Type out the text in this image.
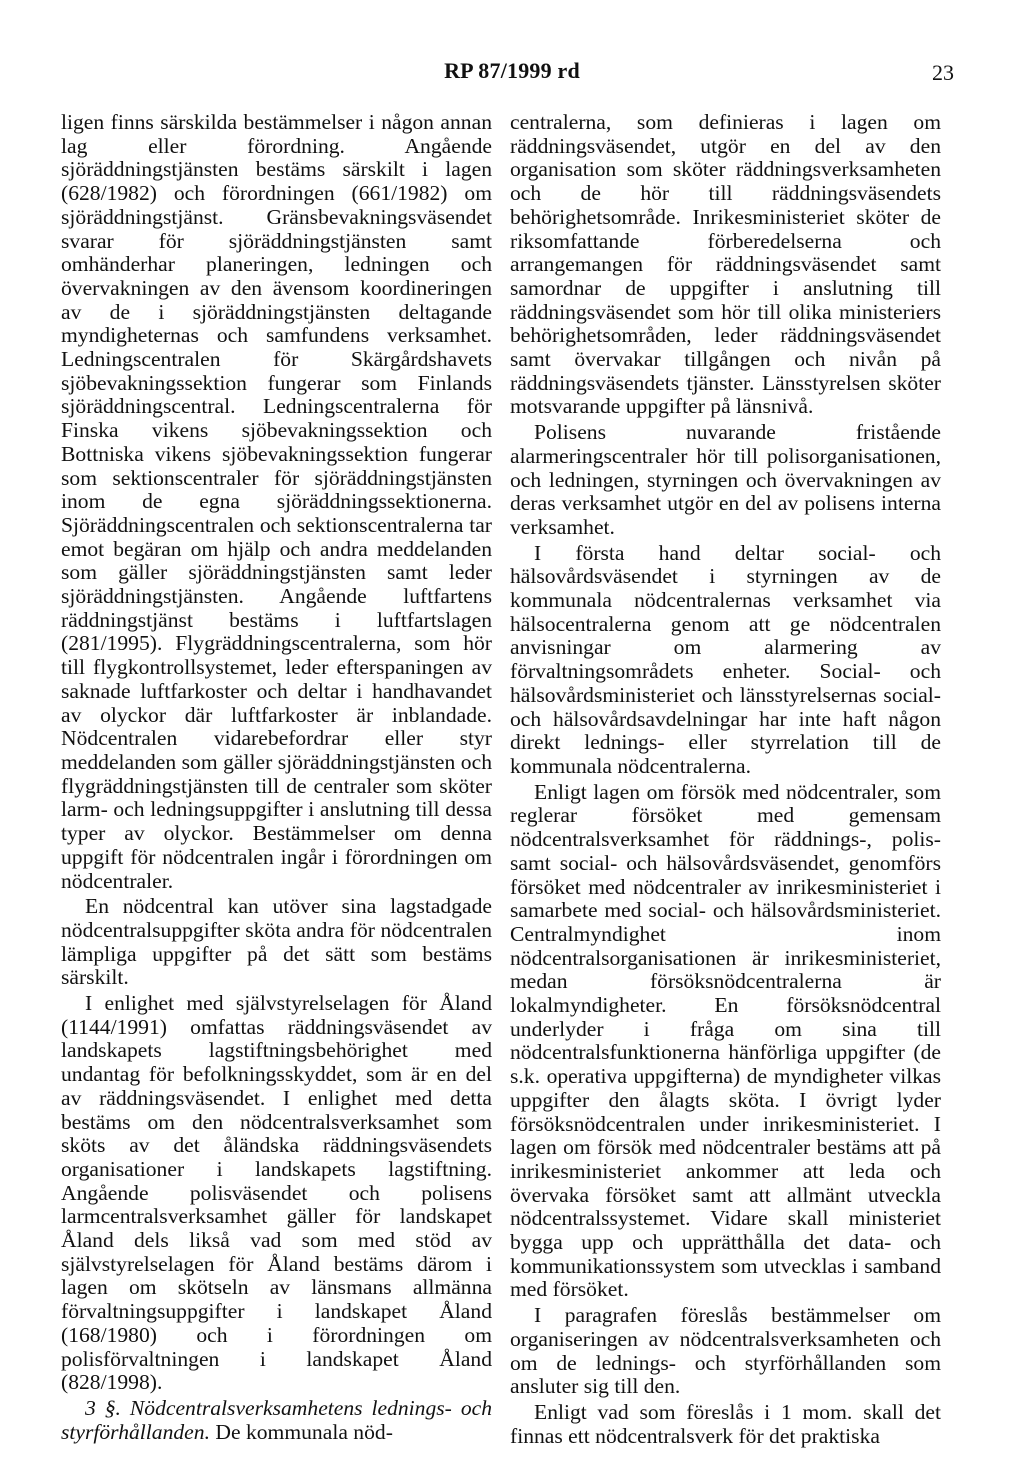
RP 87/1999 rd	23

ligen finns särskilda bestämmelser i någon annan lag eller förordning. Angående sjöräddningstjänsten bestäms särskilt i lagen (628/1982) och förordningen (661/1982) om sjöräddningstjänst. Gränsbevakningsväsendet svarar för sjöräddningstjänsten samt omhänderhar planeringen, ledningen och övervakningen av den ävensom koordineringen av de i sjöräddningstjänsten deltagande myndigheternas och samfundens verksamhet. Ledningscentralen för Skärgårdshavets sjöbevakningssektion fungerar som Finlands sjöräddningscentral. Ledningscentralerna för Finska vikens sjöbevakningssektion och Bottniska vikens sjöbevakningssektion fungerar som sektionscentraler för sjöräddningstjänsten inom de egna sjöräddningssektionerna. Sjöräddningscentralen och sektionscentralerna tar emot begäran om hjälp och andra meddelanden som gäller sjöräddningstjänsten samt leder sjöräddningstjänsten. Angående luftfartens räddningstjänst bestäms i luftfartslagen (281/1995). Flygräddningscentralerna, som hör till flygkontrollsystemet, leder efterspaningen av saknade luftfarkoster och deltar i handhavandet av olyckor där luftfarkoster är inblandade. Nödcentralen vidarebefordrar eller styr meddelanden som gäller sjöräddningstjänsten och flygräddningstjänsten till de centraler som sköter larm- och ledningsuppgifter i anslutning till dessa typer av olyckor. Bestämmelser om denna uppgift för nödcentralen ingår i förordningen om nödcentraler.

En nödcentral kan utöver sina lagstadgade nödcentralsuppgifter sköta andra för nödcentralen lämpliga uppgifter på det sätt som bestäms särskilt.

I enlighet med självstyrelselagen för Åland (1144/1991) omfattas räddningsväsendet av landskapets lagstiftningsbehörighet med undantag för befolkningsskyddet, som är en del av räddningsväsendet. I enlighet med detta bestäms om den nödcentralsverksamhet som sköts av det åländska räddningsväsendets organisationer i landskapets lagstiftning. Angående polisväsendet och polisens larmcentralsverksamhet gäller för landskapet Åland dels likså vad som med stöd av självstyrelselagen för Åland bestäms därom i lagen om skötseln av länsmans allmänna förvaltningsuppgifter i landskapet Åland (168/1980) och i förordningen om polisförvaltningen i landskapet Åland (828/1998).

3 §. Nödcentralsverksamhetens lednings- och styrförhållanden. De kommunala nöd-

centralerna, som definieras i lagen om räddningsväsendet, utgör en del av den organisation som sköter räddningsverksamheten och de hör till räddningsväsendets behörighetsområde. Inrikesministeriet sköter de riksomfattande förberedelserna och arrangemangen för räddningsväsendet samt samordnar de uppgifter i anslutning till räddningsväsendet som hör till olika ministeriers behörighetsområden, leder räddningsväsendet samt övervakar tillgången och nivån på räddningsväsendets tjänster. Länsstyrelsen sköter motsvarande uppgifter på länsnivå.

Polisens nuvarande fristående alarmeringscentraler hör till polisorganisationen, och ledningen, styrningen och övervakningen av deras verksamhet utgör en del av polisens interna verksamhet.

I första hand deltar social- och hälsovårdsväsendet i styrningen av de kommunala nödcentralernas verksamhet via hälsocentralerna genom att ge nödcentralen anvisningar om alarmering av förvaltningsområdets enheter. Social- och hälsovårdsministeriet och länsstyrelsernas social- och hälsovårdsavdelningar har inte haft någon direkt lednings- eller styrrelation till de kommunala nödcentralerna.

Enligt lagen om försök med nödcentraler, som reglerar försöket med gemensam nödcentralsverksamhet för räddnings-, polis- samt social- och hälsovårdsväsendet, genomförs försöket med nödcentraler av inrikesministeriet i samarbete med social- och hälsovårdsministeriet. Centralmyndighet inom nödcentralsorganisationen är inrikesministeriet, medan försöksnödcentralerna är lokalmyndigheter. En försöksnödcentral underlyder i fråga om sina till nödcentralsfunktionerna hänförliga uppgifter (de s.k. operativa uppgifterna) de myndigheter vilkas uppgifter den ålagts sköta. I övrigt lyder försöksnödcentralen under inrikesministeriet. I lagen om försök med nödcentraler bestäms att på inrikesministeriet ankommer att leda och övervaka försöket samt att allmänt utveckla nödcentralssystemet. Vidare skall ministeriet bygga upp och upprätthålla det data- och kommunikationssystem som utvecklas i samband med försöket.

I paragrafen föreslås bestämmelser om organiseringen av nödcentralsverksamheten och om de lednings- och styrförhållanden som ansluter sig till den.

Enligt vad som föreslås i 1 mom. skall det finnas ett nödcentralsverk för det praktiska
